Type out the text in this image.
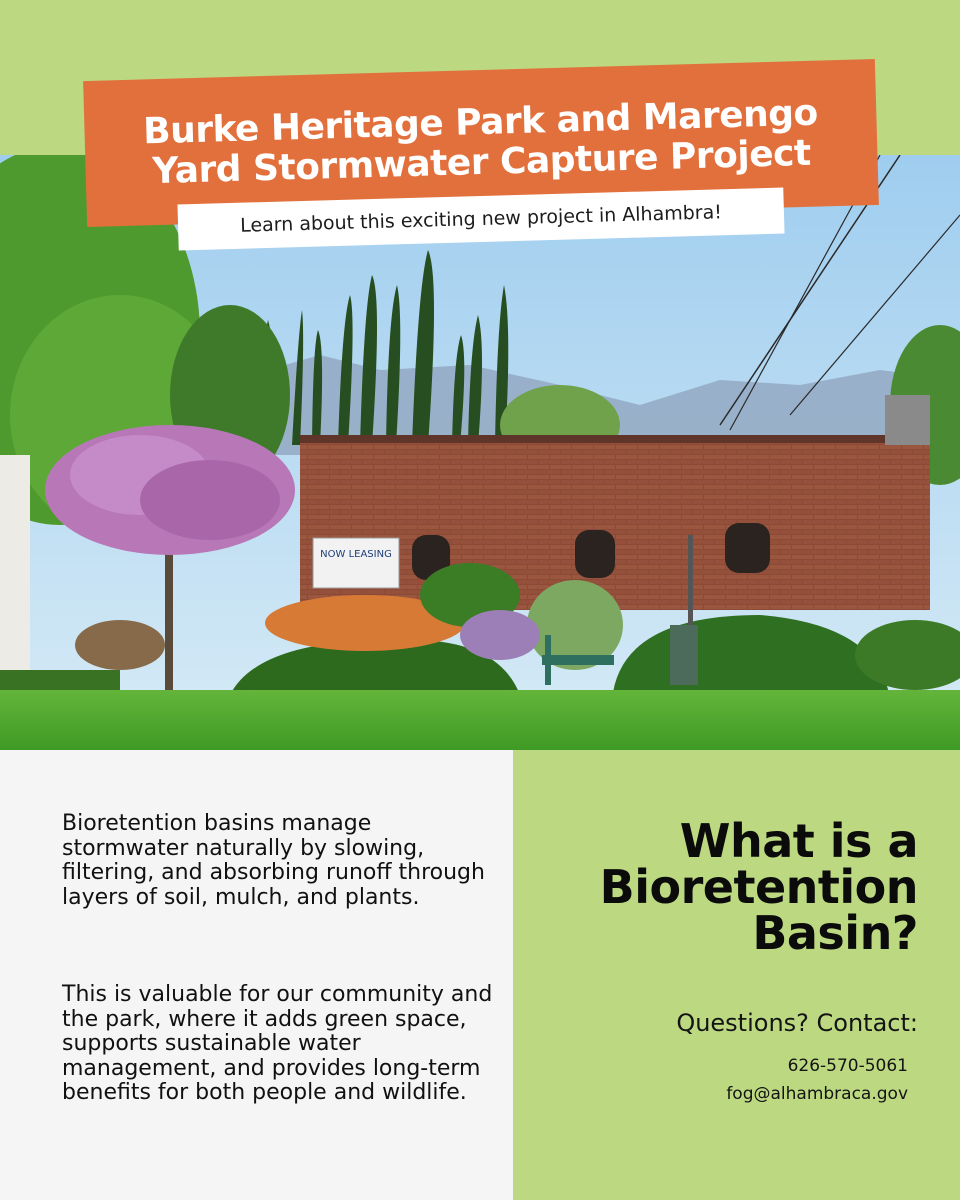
NOW LEASING
Burke Heritage Park and Marengo Yard Stormwater Capture Project
Learn about this exciting new project in Alhambra!

Bioretention basins manage stormwater naturally by slowing, filtering, and absorbing runoff through layers of soil, mulch, and plants.

This is valuable for our community and the park, where it adds green space, supports sustainable water management, and provides long-term benefits for both people and wildlife.

What is a Bioretention Basin?
Questions? Contact:
626-570-5061
fog@alhambraca.gov
